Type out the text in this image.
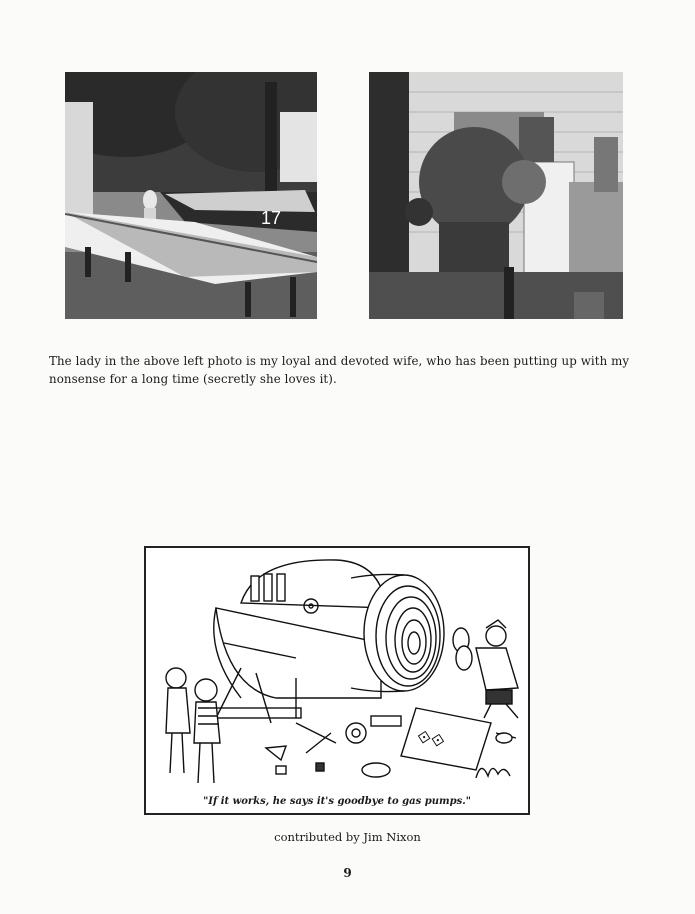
17
The lady in the above left photo is my loyal and devoted wife, who has been putting up with my nonsense for a long time (secretly she loves it).
⟐⟐
"If it works, he says it's goodbye to gas pumps."
contributed by Jim Nixon
9
